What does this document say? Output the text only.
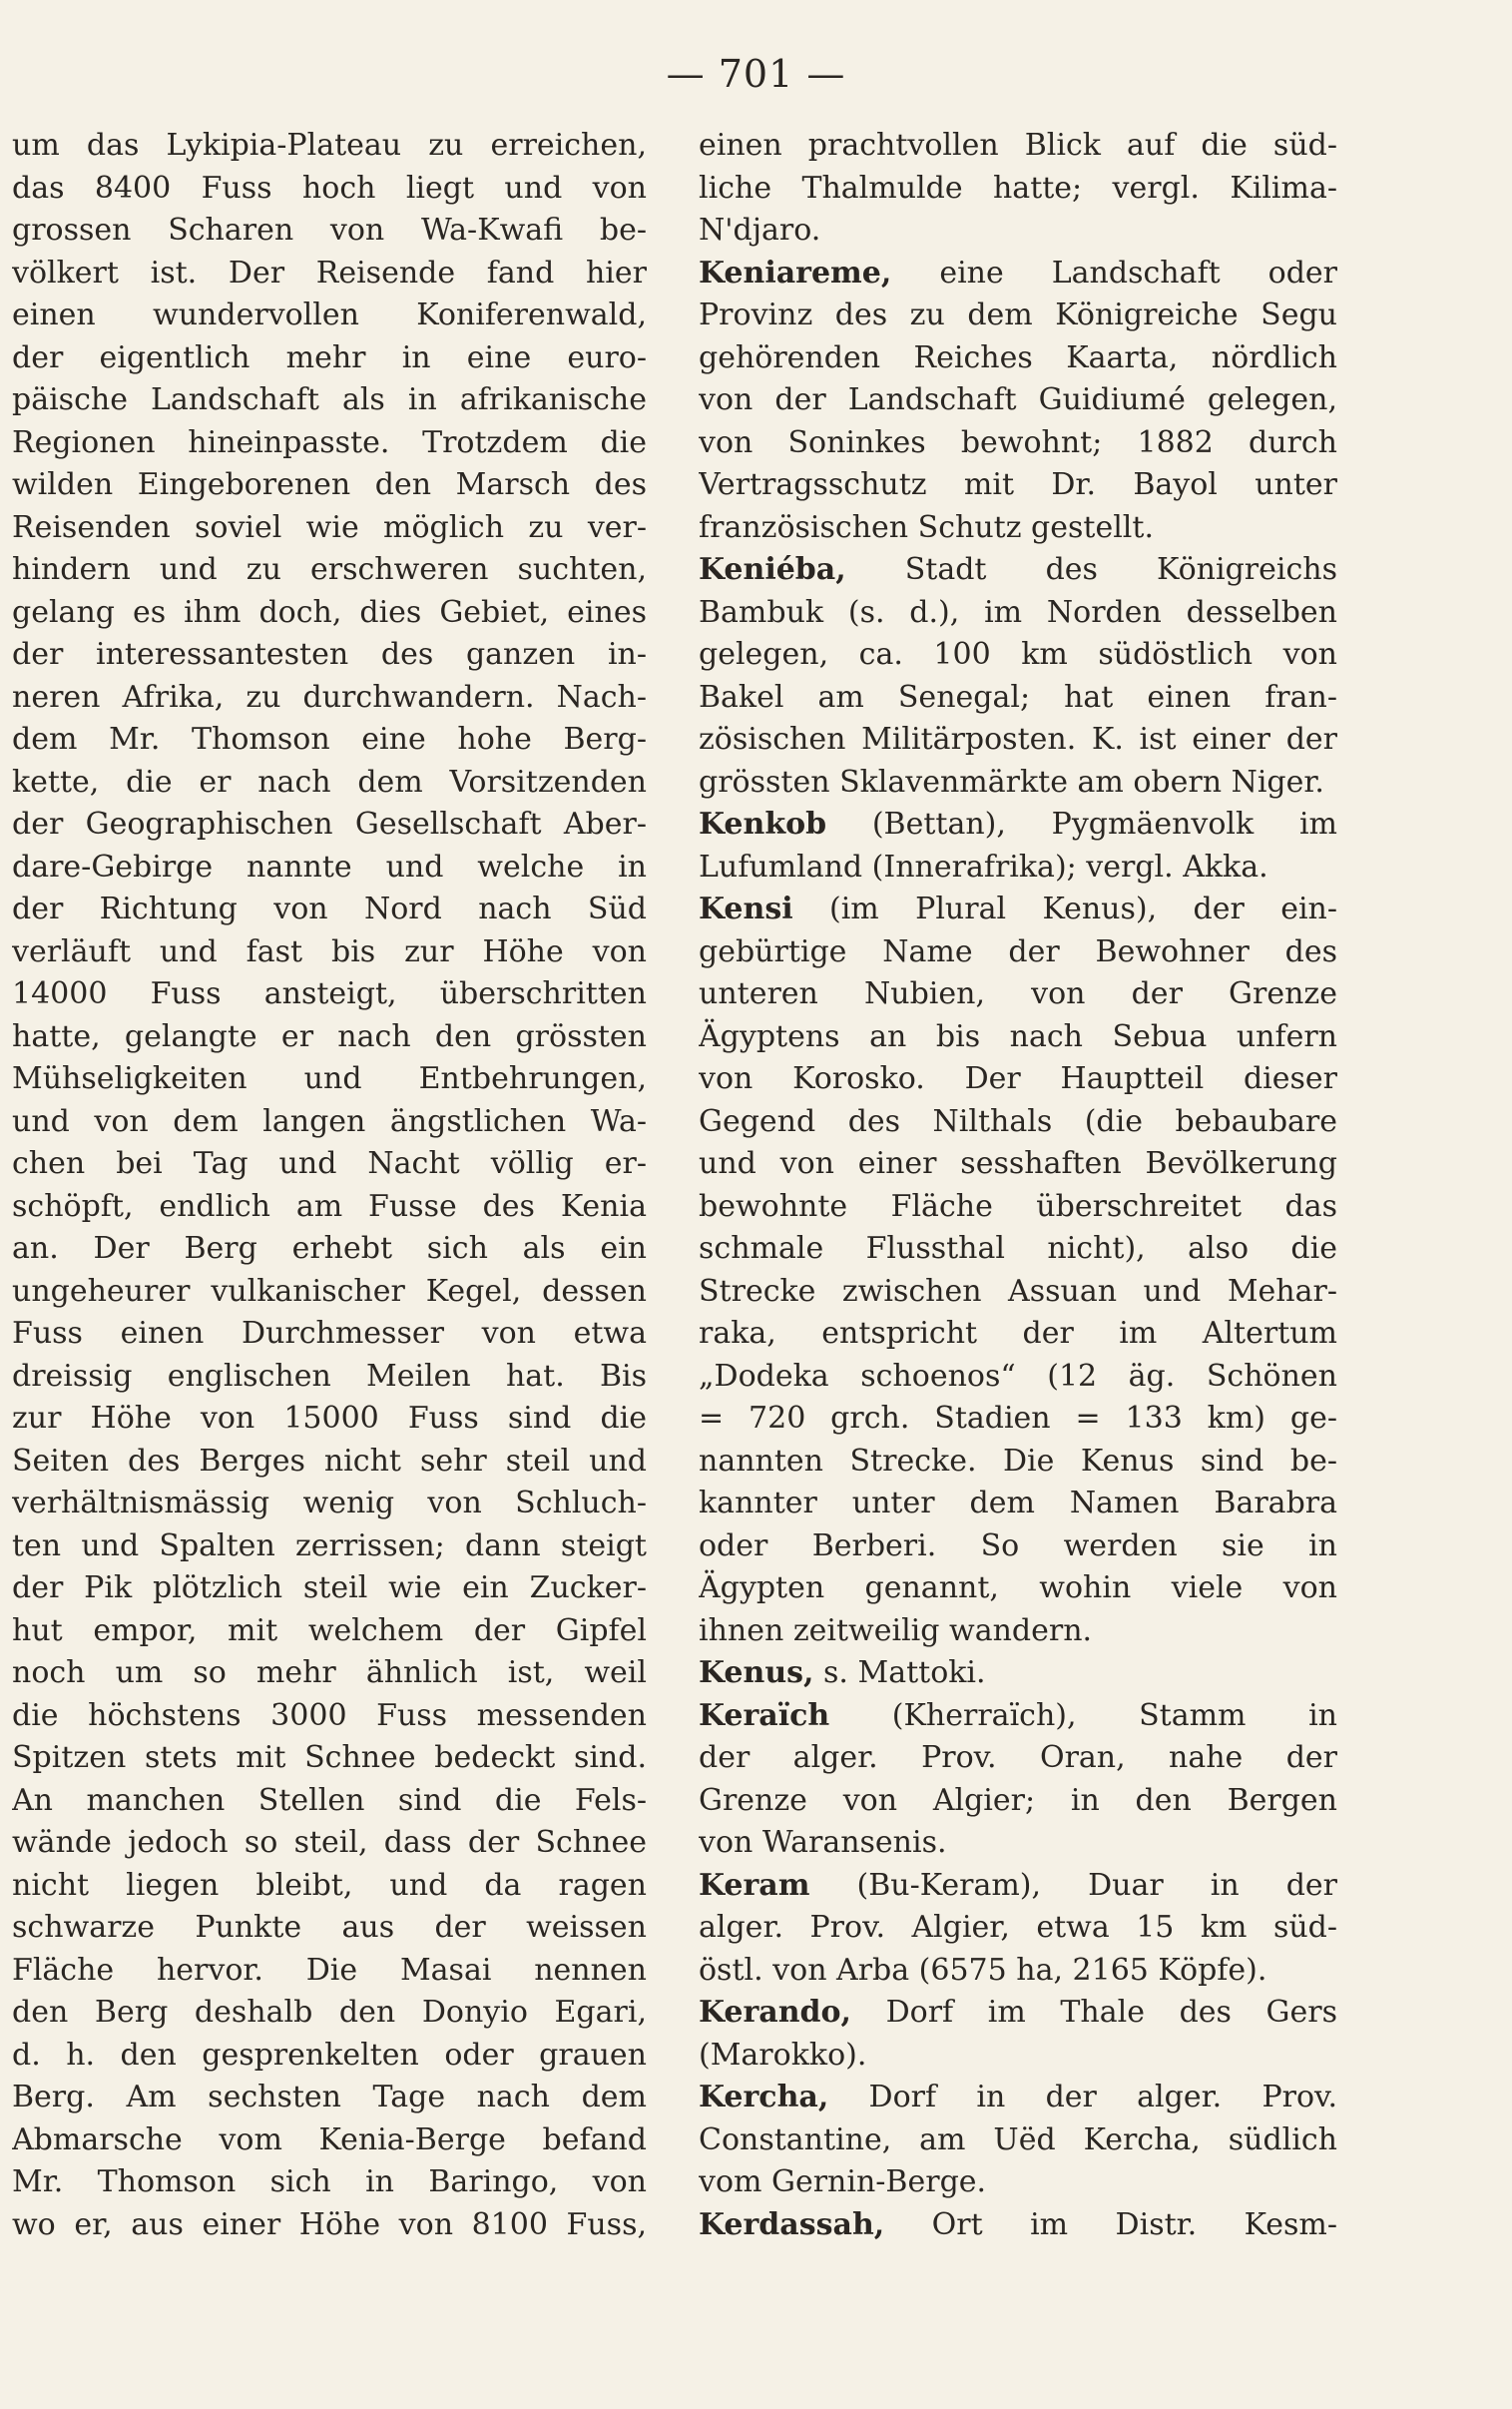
— 701 —
um das Lykipia-Plateau zu erreichen,
das 8400 Fuss hoch liegt und von
grossen Scharen von Wa-Kwafi be-
völkert ist. Der Reisende fand hier
einen wundervollen Koniferenwald,
der eigentlich mehr in eine euro-
päische Landschaft als in afrikanische
Regionen hineinpasste. Trotzdem die
wilden Eingeborenen den Marsch des
Reisenden soviel wie möglich zu ver-
hindern und zu erschweren suchten,
gelang es ihm doch, dies Gebiet, eines
der interessantesten des ganzen in-
neren Afrika, zu durchwandern. Nach-
dem Mr. Thomson eine hohe Berg-
kette, die er nach dem Vorsitzenden
der Geographischen Gesellschaft Aber-
dare-Gebirge nannte und welche in
der Richtung von Nord nach Süd
verläuft und fast bis zur Höhe von
14000 Fuss ansteigt, überschritten
hatte, gelangte er nach den grössten
Mühseligkeiten und Entbehrungen,
und von dem langen ängstlichen Wa-
chen bei Tag und Nacht völlig er-
schöpft, endlich am Fusse des Kenia
an. Der Berg erhebt sich als ein
ungeheurer vulkanischer Kegel, dessen
Fuss einen Durchmesser von etwa
dreissig englischen Meilen hat. Bis
zur Höhe von 15000 Fuss sind die
Seiten des Berges nicht sehr steil und
verhältnismässig wenig von Schluch-
ten und Spalten zerrissen; dann steigt
der Pik plötzlich steil wie ein Zucker-
hut empor, mit welchem der Gipfel
noch um so mehr ähnlich ist, weil
die höchstens 3000 Fuss messenden
Spitzen stets mit Schnee bedeckt sind.
An manchen Stellen sind die Fels-
wände jedoch so steil, dass der Schnee
nicht liegen bleibt, und da ragen
schwarze Punkte aus der weissen
Fläche hervor. Die Masai nennen
den Berg deshalb den Donyio Egari,
d. h. den gesprenkelten oder grauen
Berg. Am sechsten Tage nach dem
Abmarsche vom Kenia-Berge befand
Mr. Thomson sich in Baringo, von
wo er, aus einer Höhe von 8100 Fuss,
einen prachtvollen Blick auf die süd-
liche Thalmulde hatte; vergl. Kilima-
N'djaro.
Keniareme, eine Landschaft oder
Provinz des zu dem Königreiche Segu
gehörenden Reiches Kaarta, nördlich
von der Landschaft Guidiumé gelegen,
von Soninkes bewohnt; 1882 durch
Vertragsschutz mit Dr. Bayol unter
französischen Schutz gestellt.
Keniéba, Stadt des Königreichs
Bambuk (s. d.), im Norden desselben
gelegen, ca. 100 km südöstlich von
Bakel am Senegal; hat einen fran-
zösischen Militärposten. K. ist einer der
grössten Sklavenmärkte am obern Niger.
Kenkob (Bettan), Pygmäenvolk im
Lufumland (Innerafrika); vergl. Akka.
Kensi (im Plural Kenus), der ein-
gebürtige Name der Bewohner des
unteren Nubien, von der Grenze
Ägyptens an bis nach Sebua unfern
von Korosko. Der Hauptteil dieser
Gegend des Nilthals (die bebaubare
und von einer sesshaften Bevölkerung
bewohnte Fläche überschreitet das
schmale Flussthal nicht), also die
Strecke zwischen Assuan und Mehar-
raka, entspricht der im Altertum
„Dodeka schoenos“ (12 äg. Schönen
= 720 grch. Stadien = 133 km) ge-
nannten Strecke. Die Kenus sind be-
kannter unter dem Namen Barabra
oder Berberi. So werden sie in
Ägypten genannt, wohin viele von
ihnen zeitweilig wandern.
Kenus, s. Mattoki.
Keraïch (Kherraïch), Stamm in
der alger. Prov. Oran, nahe der
Grenze von Algier; in den Bergen
von Waransenis.
Keram (Bu-Keram), Duar in der
alger. Prov. Algier, etwa 15 km süd-
östl. von Arba (6575 ha, 2165 Köpfe).
Kerando, Dorf im Thale des Gers
(Marokko).
Kercha, Dorf in der alger. Prov.
Constantine, am Uëd Kercha, südlich
vom Gernin-Berge.
Kerdassah, Ort im Distr. Kesm-
